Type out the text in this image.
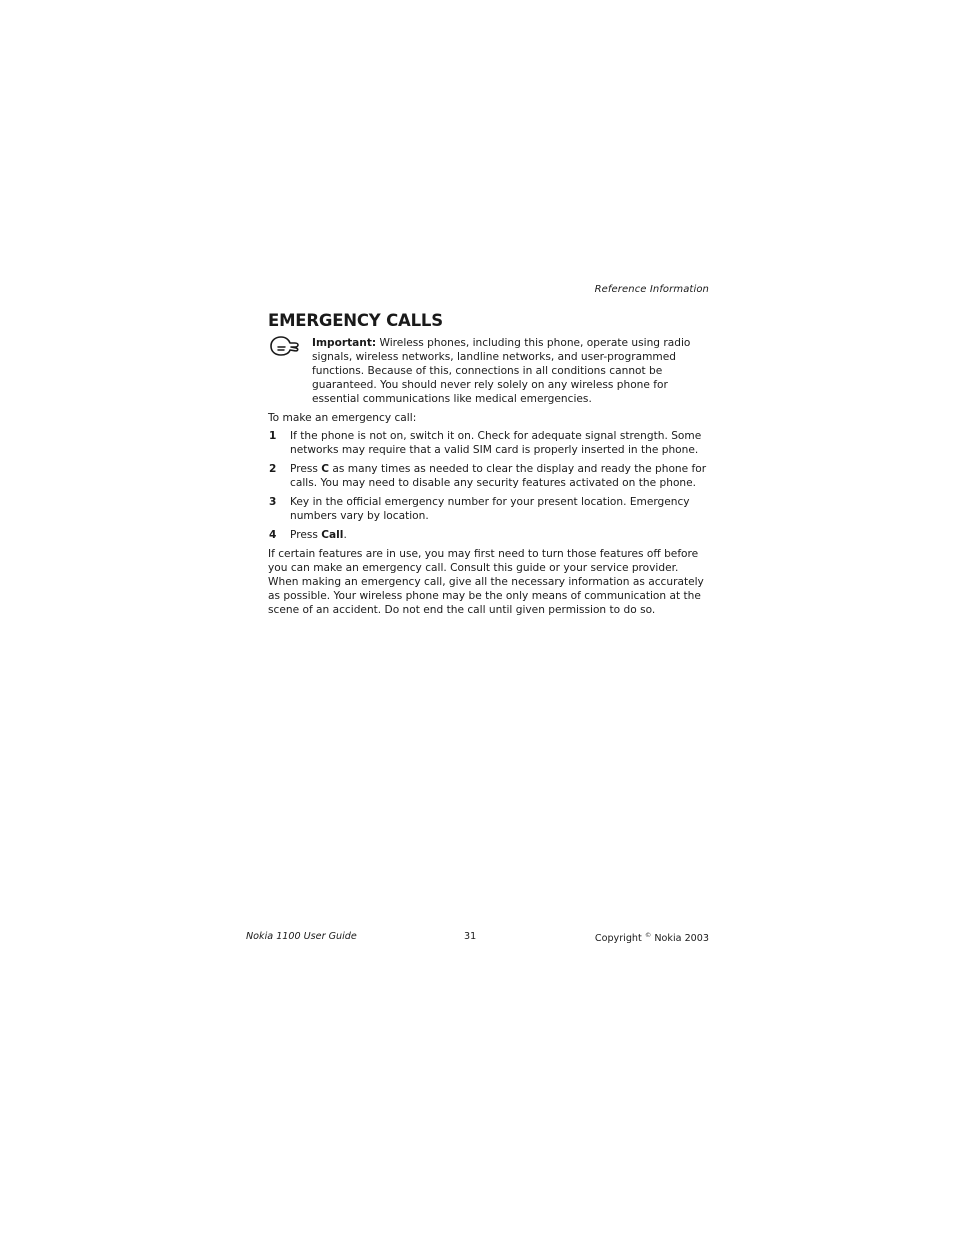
Reference Information
EMERGENCY CALLS
Important: Wireless phones, including this phone, operate using radio signals, wireless networks, landline networks, and user-programmed functions. Because of this, connections in all conditions cannot be guaranteed. You should never rely solely on any wireless phone for essential communications like medical emergencies.

To make an emergency call:

1 If the phone is not on, switch it on. Check for adequate signal strength. Some networks may require that a valid SIM card is properly inserted in the phone.
2 Press C as many times as needed to clear the display and ready the phone for calls. You may need to disable any security features activated on the phone.
3 Key in the official emergency number for your present location. Emergency numbers vary by location.
4 Press Call.

If certain features are in use, you may first need to turn those features off before you can make an emergency call. Consult this guide or your service provider. When making an emergency call, give all the necessary information as accurately as possible. Your wireless phone may be the only means of communication at the scene of an accident. Do not end the call until given permission to do so.

Nokia 1100 User Guide	31	Copyright © Nokia 2003
